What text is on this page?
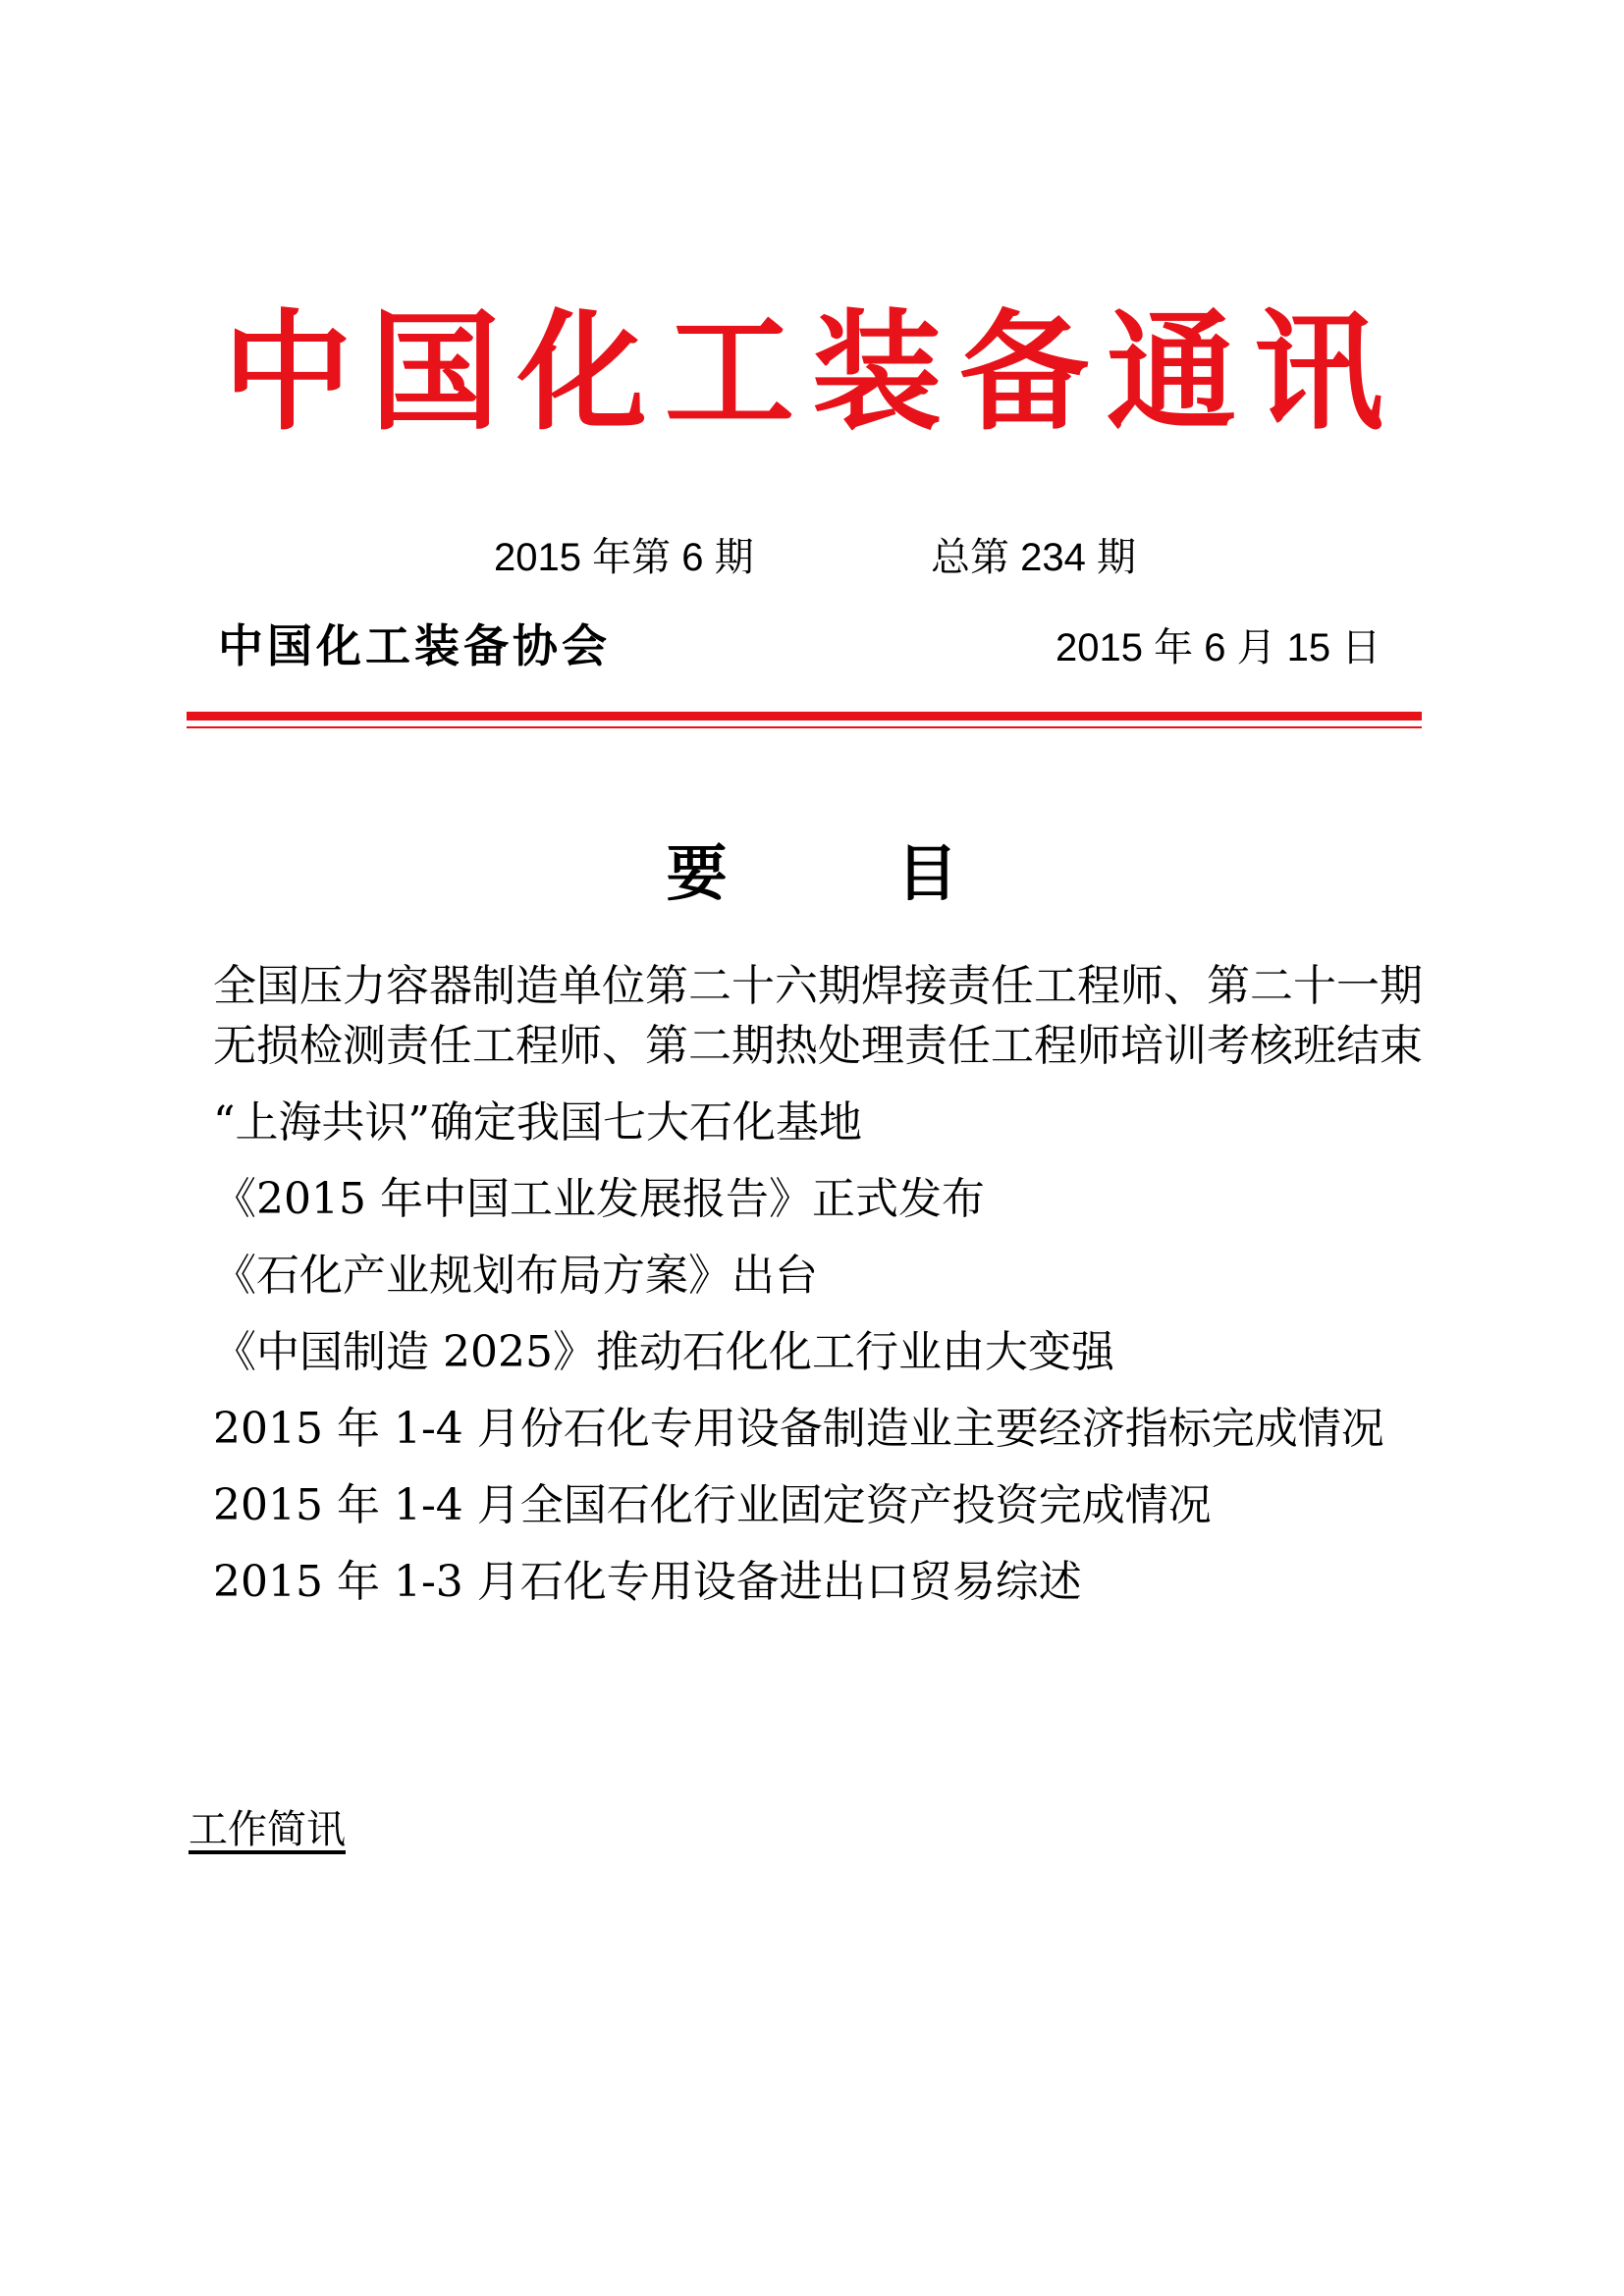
中国化工装备通讯
2015 年第 6 期	总第 234 期
中国化工装备协会	2015 年 6 月 15 日
要        目
全国压力容器制造单位第二十六期焊接责任工程师、第二十一期无损检测责任工程师、第二期热处理责任工程师培训考核班结束
“上海共识”确定我国七大石化基地
《2015 年中国工业发展报告》正式发布
《石化产业规划布局方案》出台
《中国制造 2025》推动石化化工行业由大变强
2015 年 1-4 月份石化专用设备制造业主要经济指标完成情况
2015 年 1-4 月全国石化行业固定资产投资完成情况
2015 年 1-3 月石化专用设备进出口贸易综述
工作简讯
